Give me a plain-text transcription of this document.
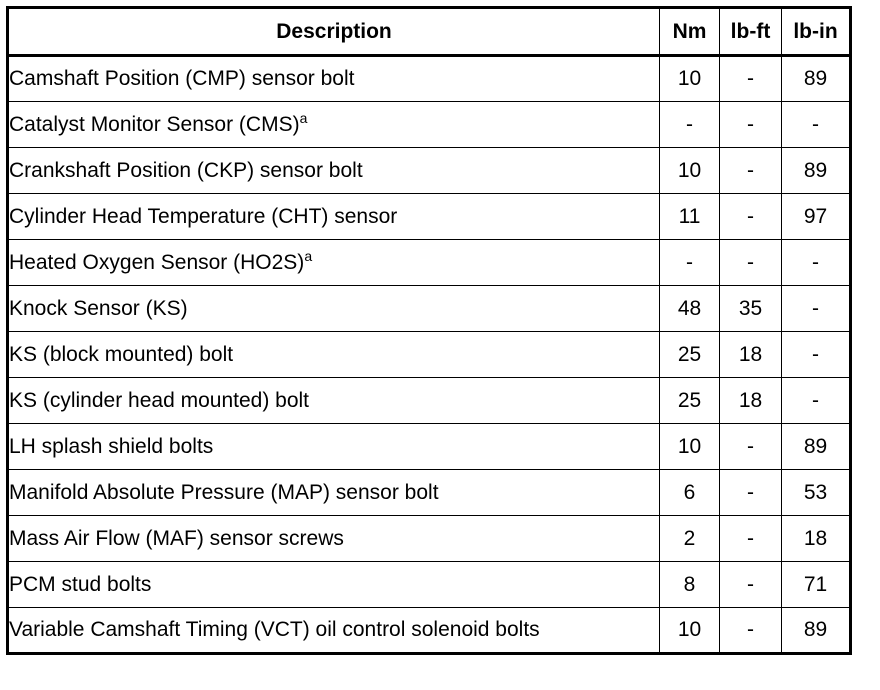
Description	Nm	lb-ft	lb-in
Camshaft Position (CMP) sensor bolt	10	-	89
Catalyst Monitor Sensor (CMS)$^a$	-	-	-
Crankshaft Position (CKP) sensor bolt	10	-	89
Cylinder Head Temperature (CHT) sensor	11	-	97
Heated Oxygen Sensor $(HO2S)^a$	-	-	-
Knock Sensor (KS)	48	35	-
KS (block mounted) bolt	25	18	-
KS (cylinder head mounted) bolt	25	18	-
LH splash shield bolts	10	-	89
Manifold Absolute Pressure (MAP) sensor bolt	6	-	53
Mass Air Flow (MAF) sensor screws	2	-	18
PCM stud bolts	8	-	71
Variable Camshaft Timing (VCT) oil control solenoid bolts	10	-	89
